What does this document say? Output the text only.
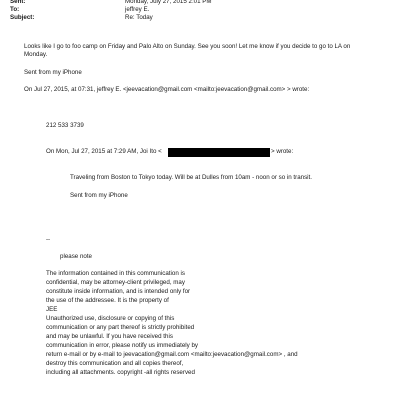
Sent:	Monday, July 27, 2015 2:01 PM
To:	jeffrey E.
Subject:	Re: Today
Looks like I go to foo camp on Friday and Palo Alto on Sunday. See you soon! Let me know if you decide to go to LA on
Monday.
Sent from my iPhone
On Jul 27, 2015, at 07:31, jeffrey E. <jeevacation@gmail.com <mailto:jeevacation@gmail.com> > wrote:
212 533 3739
On Mon, Jul 27, 2015 at 7:29 AM, Joi Ito <	> wrote:
Traveling from Boston to Tokyo today. Will be at Dulles from 10am - noon or so in transit.
Sent from my iPhone
--
please note
The information contained in this communication is
confidential, may be attorney-client privileged, may
constitute inside information, and is intended only for
the use of the addressee. It is the property of
JEE
Unauthorized use, disclosure or copying of this
communication or any part thereof is strictly prohibited
and may be unlawful. If you have received this
communication in error, please notify us immediately by
return e-mail or by e-mail to jeevacation@gmail.com <mailto:jeevacation@gmail.com> , and
destroy this communication and all copies thereof,
including all attachments. copyright -all rights reserved
